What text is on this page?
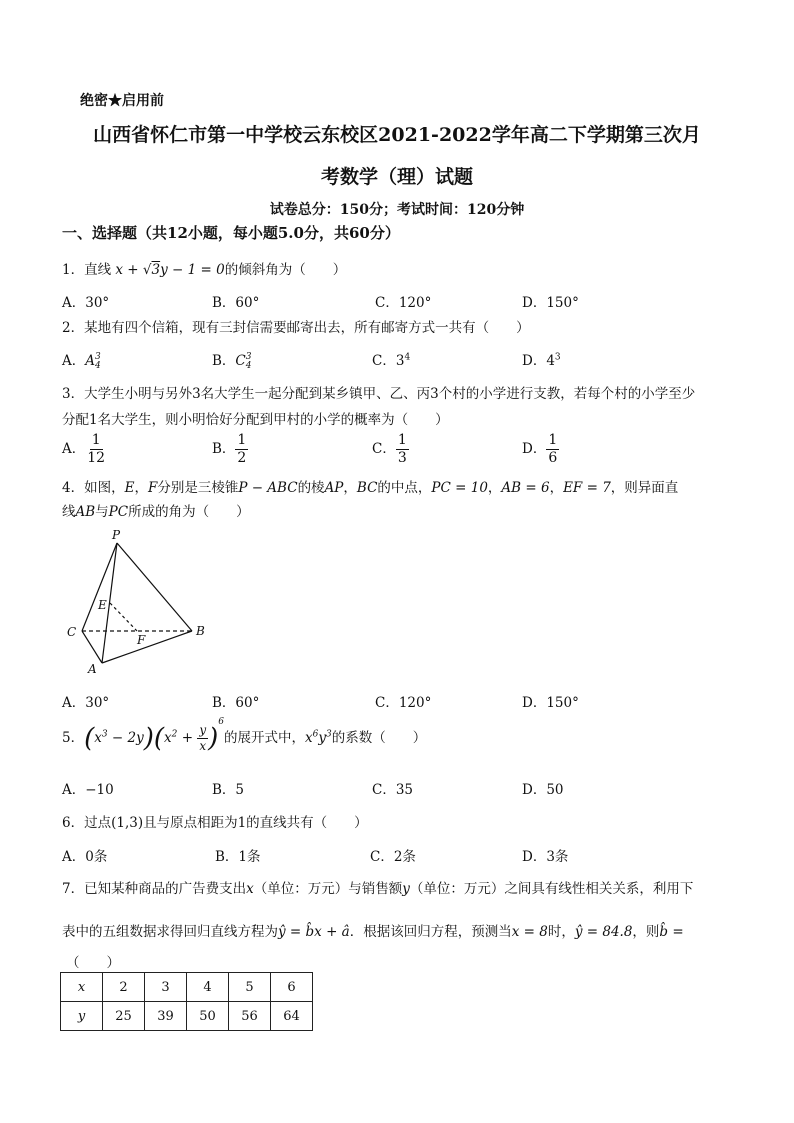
绝密★启用前
山西省怀仁市第一中学校云东校区2021-2022学年高二下学期第三次月
考数学（理）试题
试卷总分：150分；考试时间：120分钟
一、选择题（共12小题，每小题5.0分，共60分）
1．直线 x + √3y − 1 = 0的倾斜角为（　　）
A．30°	B．60°	C．120°	D．150°
2．某地有四个信箱，现有三封信需要邮寄出去，所有邮寄方式一共有（　　）
A．A 3
4	B．C 3
4	C．$3^4$	D．$4^3$
3．大学生小明与另外3名大学生一起分配到某乡镇甲、乙、丙3个村的小学进行支教，若每个村的小学至少
分配1名大学生，则小明恰好分配到甲村的小学的概率为（　　）
A． $\frac{1}{12}$	B． $\frac{1}{2}$	C． $\frac{1}{3}$	D． $\frac{1}{6}$
4．如图，E，F分别是三棱锥P − ABC的棱AP，BC的中点，PC = 10，AB = 6，EF = 7，则异面直
线AB与PC所成的角为（　　）
P
E
C
F
B
A
A．30°	B．60°	C．120°	D．150°
5．$(x^3 - 2y)(x^2 + \frac{y}{x} )^6$的展开式中，$x^6y^3$的系数（　　）
A．−10	B．5	C．35	D．50
6．过点(1,3)且与原点相距为1的直线共有（　　）
A．0条	B．1条	C．2条	D．3条
7．已知某种商品的广告费支出x（单位：万元）与销售额y（单位：万元）之间具有线性相关关系，利用下
表中的五组数据求得回归直线方程为ŷ = b̂x + â．根据该回归方程，预测当x = 8时，ŷ = 84.8，则b̂ =
（　　）
x	2	3	4	5	6
y	25	39	50	56	64
